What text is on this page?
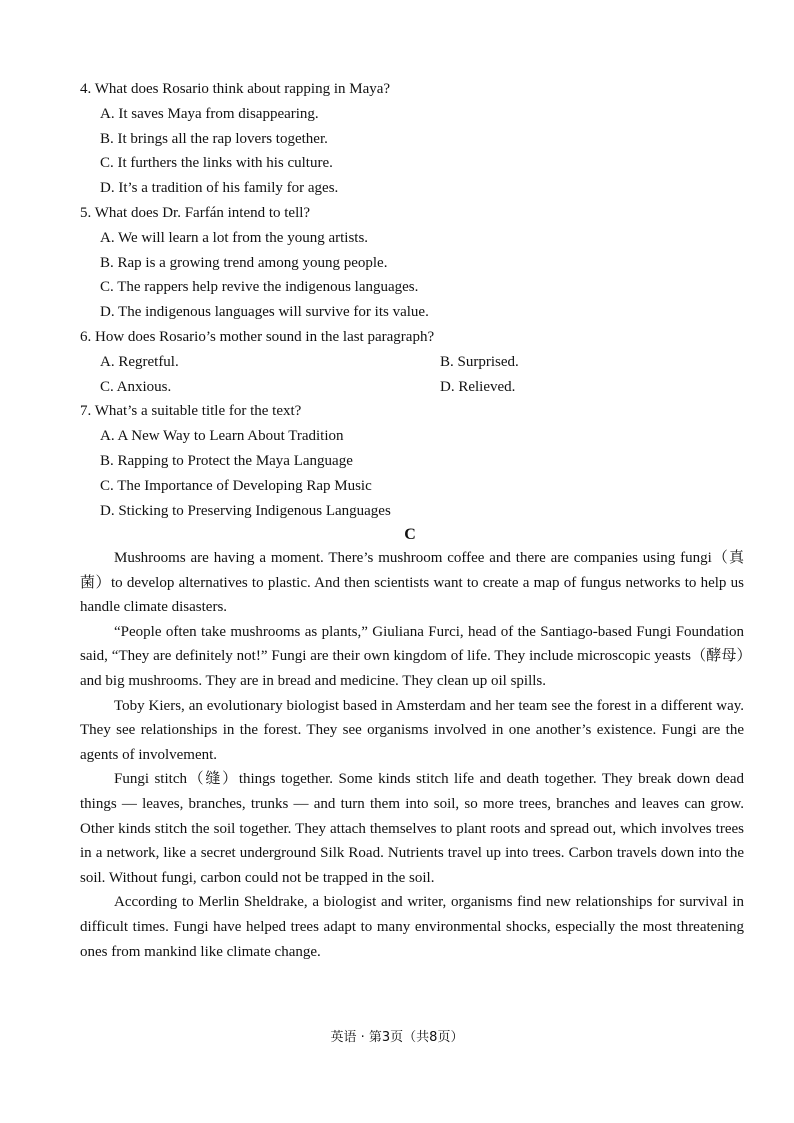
4. What does Rosario think about rapping in Maya?
A. It saves Maya from disappearing.
B. It brings all the rap lovers together.
C. It furthers the links with his culture.
D. It’s a tradition of his family for ages.
5. What does Dr. Farfán intend to tell?
A. We will learn a lot from the young artists.
B. Rap is a growing trend among young people.
C. The rappers help revive the indigenous languages.
D. The indigenous languages will survive for its value.
6. How does Rosario’s mother sound in the last paragraph?
A. Regretful.	B. Surprised.
C. Anxious.	D. Relieved.
7. What’s a suitable title for the text?
A. A New Way to Learn About Tradition
B. Rapping to Protect the Maya Language
C. The Importance of Developing Rap Music
D. Sticking to Preserving Indigenous Languages
C

Mushrooms are having a moment. There’s mushroom coffee and there are companies using fungi（真菌）to develop alternatives to plastic. And then scientists want to create a map of fungus networks to help us handle climate disasters.

“People often take mushrooms as plants,” Giuliana Furci, head of the Santiago-based Fungi Foundation said, “They are definitely not!” Fungi are their own kingdom of life. They include microscopic yeasts（酵母）and big mushrooms. They are in bread and medicine. They clean up oil spills.

Toby Kiers, an evolutionary biologist based in Amsterdam and her team see the forest in a different way. They see relationships in the forest. They see organisms involved in one another’s existence. Fungi are the agents of involvement.

Fungi stitch（缝）things together. Some kinds stitch life and death together. They break down dead things — leaves, branches, trunks — and turn them into soil, so more trees, branches and leaves can grow. Other kinds stitch the soil together. They attach themselves to plant roots and spread out, which involves trees in a network, like a secret underground Silk Road. Nutrients travel up into trees. Carbon travels down into the soil. Without fungi, carbon could not be trapped in the soil.

According to Merlin Sheldrake, a biologist and writer, organisms find new relationships for survival in difficult times. Fungi have helped trees adapt to many environmental shocks, especially the most threatening ones from mankind like climate change.

英语 · 第3页（共8页）
